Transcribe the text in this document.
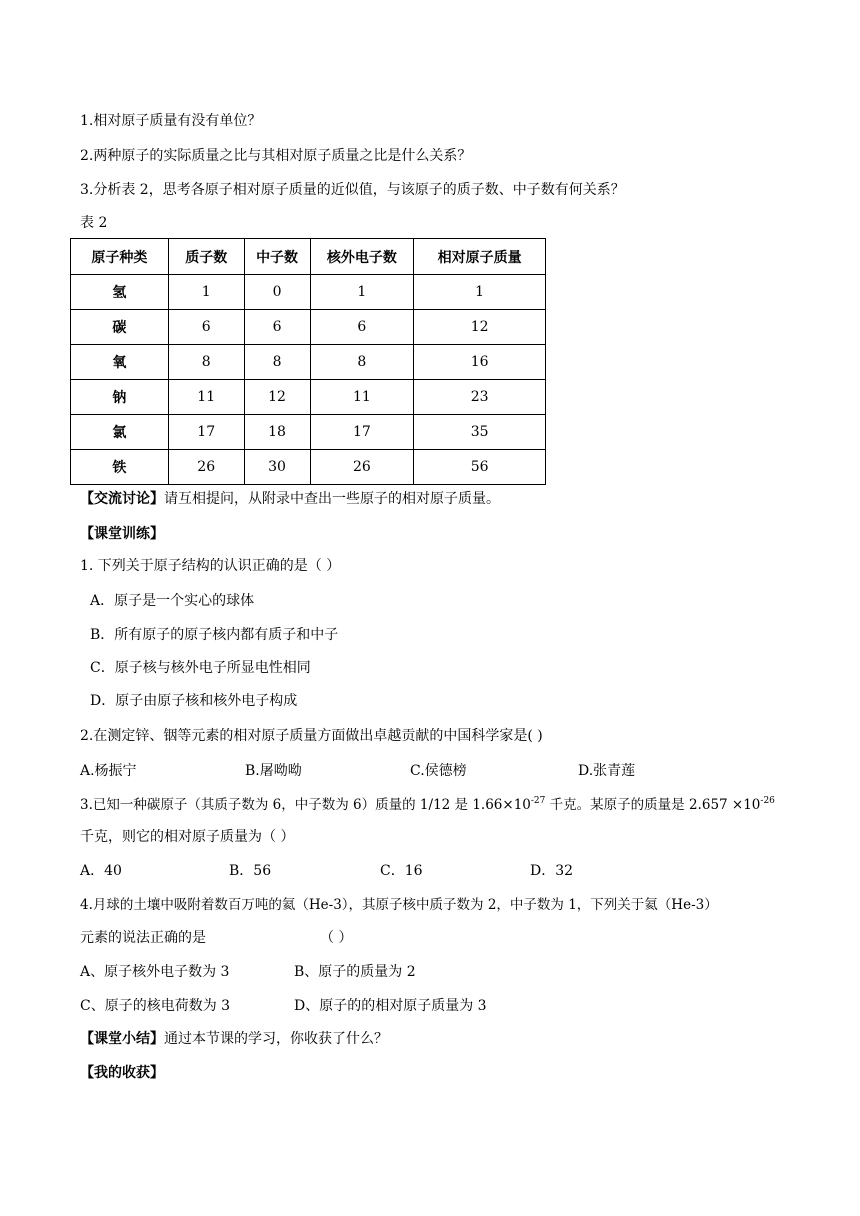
1.相对原子质量有没有单位？
2.两种原子的实际质量之比与其相对原子质量之比是什么关系？
3.分析表 2，思考各原子相对原子质量的近似值，与该原子的质子数、中子数有何关系？
表 2
原子种类	质子数	中子数	核外电子数	相对原子质量
氢	1	0	1	1
碳	6	6	6	12
氧	8	8	8	16
钠	11	12	11	23
氯	17	18	17	35
铁	26	30	26	56
【交流讨论】请互相提问，从附录中查出一些原子的相对原子质量。
【课堂训练】
1. 下列关于原子结构的认识正确的是（ ）
A．原子是一个实心的球体
B．所有原子的原子核内都有质子和中子
C．原子核与核外电子所显电性相同
D．原子由原子核和核外电子构成
2.在测定锌、铟等元素的相对原子质量方面做出卓越贡献的中国科学家是( )
A.杨振宁	B.屠呦呦	C.侯德榜	D.张青莲
3.已知一种碳原子（其质子数为 6，中子数为 6）质量的 1/12 是 $1.66\times 10^{-27}$ 千克。某原子的质量是 $2.657 \times 10^{-26}$
千克，则它的相对原子质量为（ ）
A．40	B．56	C．16	D．32
4.月球的土壤中吸附着数百万吨的氦（He-3），其原子核中质子数为 2，中子数为 1，下列关于氦（He-3）
元素的说法正确的是	（ ）
A、原子核外电子数为 3	B、原子的质量为 2
C、原子的核电荷数为 3	D、原子的的相对原子质量为 3
【课堂小结】通过本节课的学习，你收获了什么？
【我的收获】
